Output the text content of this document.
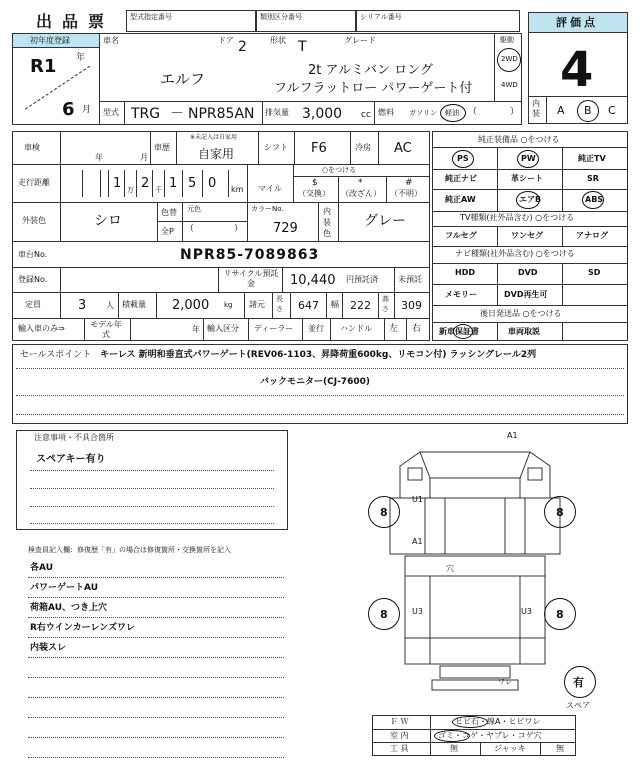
出品票 型式指定番号	類別区分番号	シリアル番号	評価点
4
内装 A B C
初年度登録
R1 年
6 月
車名
エルフ
ドア 2	形状 T	グレード
2t アルミバン ロング
フルフラットロー パワーゲート付
駆動
2WD
4WD
型式 TRG － NPR85AN 排気量 3,000 cc 燃料 ガソリン 軽油 （	）
車検
年	月
車歴
※未記入は自家用
自家用	シフト F6	冷房 AC
走行距離	1 万 2 千 1 5 0 km マイル
○をつける
$
（交換）
*
（改ざん）
#
（不明）
外装色	シロ
色替
全P
元色
（	）
カラーNo.
729
内装色
グレー
車台No.	NPR85-7089863
登録No.
リサイクル預託金	10,440 円預託済	未預託
定員	3 人 積載量 2,000 kg 諸元
長さ 647 幅 222 高さ 309
輸入車のみ⇒	モデル年式
年 輸入区分 ディーラー 並行 ハンドル 左 右
純正装備品 ○をつける
PS	PW	純正TV
純正ナビ	革シート	SR
純正AW	エアB	ABS
TV種類(社外品含む) ○をつける
フルセグ	ワンセグ	アナログ
ナビ種類(社外品含む) ○をつける
HDD	DVD	SD
メモリー	DVD再生可
後日発送品 ○をつける
新車保証書	車両取説
セールスポイント キーレス 新明和垂直式パワーゲート(REV06-1103、昇降荷重600kg、リモコン付) ラッシングレール2列
バックモニター(CJ-7600)
注意事項・不具合箇所
スペアキー有り
検査員記入欄：修復歴「有」の場合は修復箇所・交換箇所を記入
各AU
パワーゲートAU
荷箱AU、つき上穴
R右ウインカーレンズワレ
内装スレ
A1
U1
A1
穴
U3	U3
ワレ
8	8
8	8
有
スペア
Ｆ Ｗ	ヒビ石・線A・ヒビワレ
室 内	ゴミ・コゲ・ヤブレ・コゲ穴
工 具	無	ジャッキ	無
